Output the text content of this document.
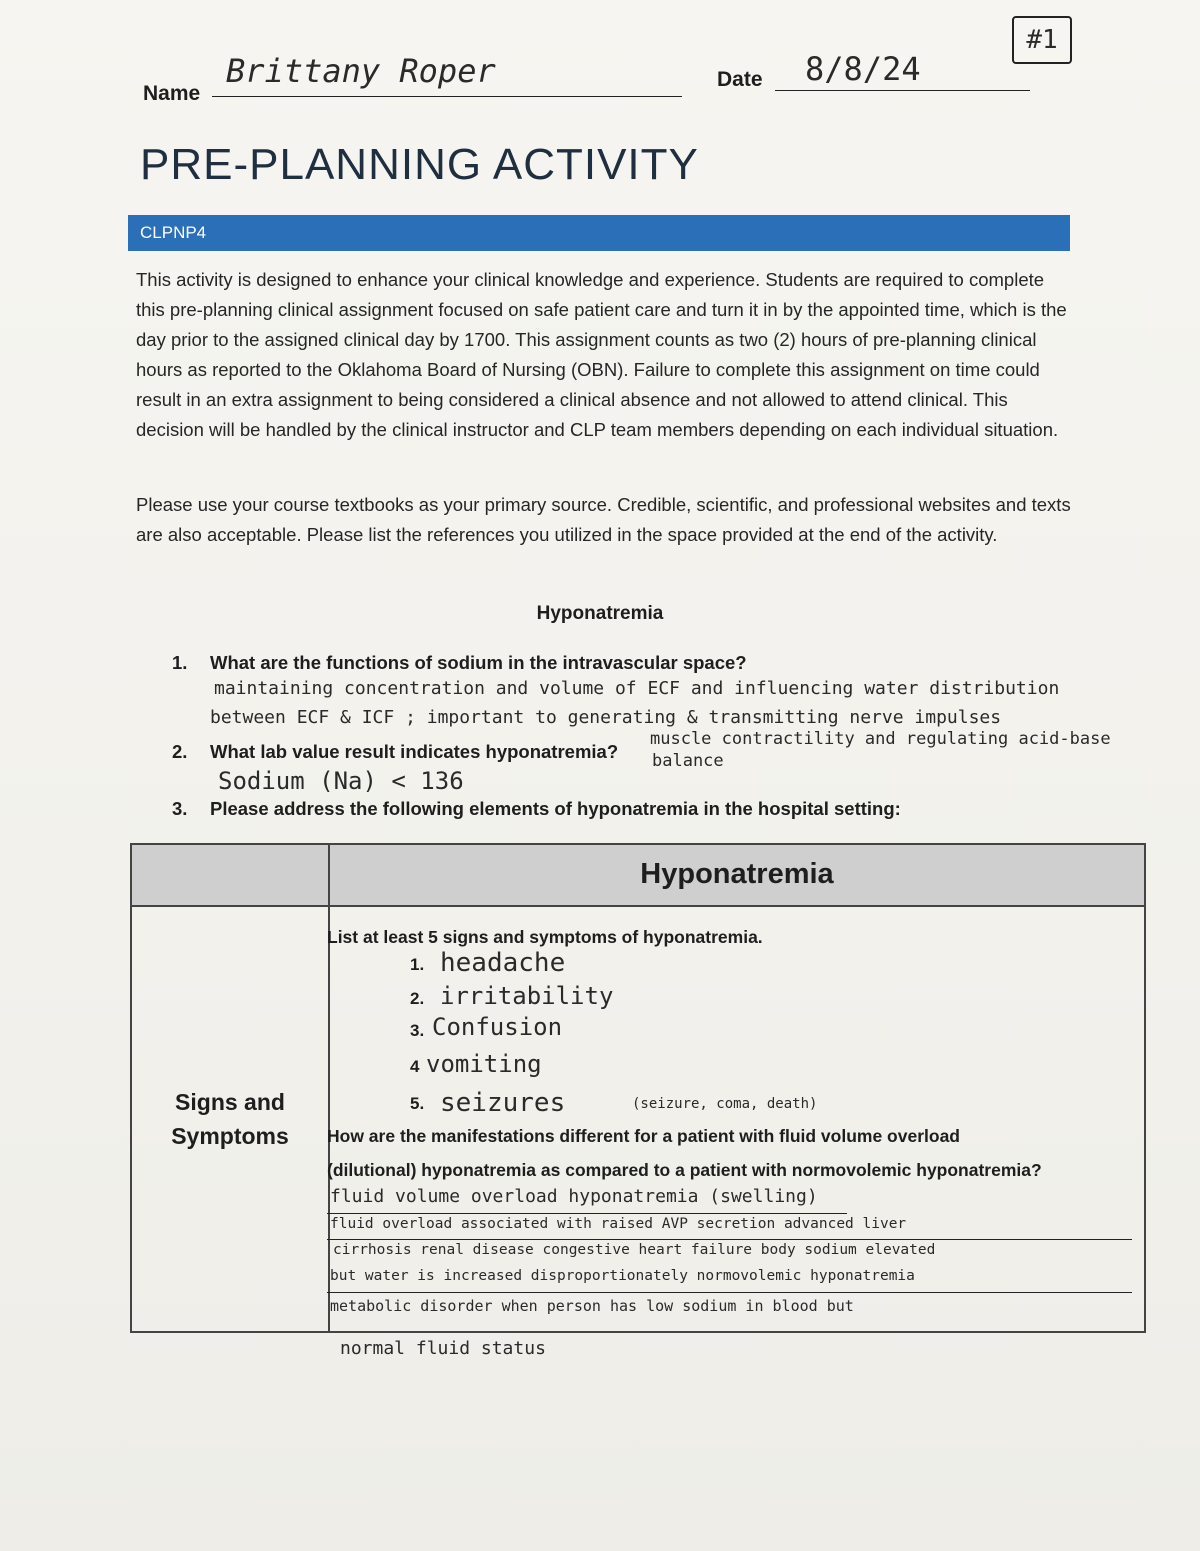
#1
Name
Brittany Roper	Date 8/8/24
PRE-PLANNING ACTIVITY
CLPNP4
This activity is designed to enhance your clinical knowledge and experience. Students are required to complete this pre-planning clinical assignment focused on safe patient care and turn it in by the appointed time, which is the day prior to the assigned clinical day by 1700. This assignment counts as two (2) hours of pre-planning clinical hours as reported to the Oklahoma Board of Nursing (OBN). Failure to complete this assignment on time could result in an extra assignment to being considered a clinical absence and not allowed to attend clinical. This decision will be handled by the clinical instructor and CLP team members depending on each individual situation.
Please use your course textbooks as your primary source. Credible, scientific, and professional websites and texts are also acceptable. Please list the references you utilized in the space provided at the end of the activity.
Hyponatremia
1. What are the functions of sodium in the intravascular space?
maintaining concentration and volume of ECF and influencing water distribution
between ECF & ICF ; important to generating & transmitting nerve impulses
muscle contractility and regulating acid-base
balance
2. What lab value result indicates hyponatremia?
Sodium (Na) < 136
3. Please address the following elements of hyponatremia in the hospital setting:

	Hyponatremia

Signs and Symptoms	
List at least 5 signs and symptoms of hyponatremia.
1. headache
2. irritability
3. Confusion
4 vomiting
5. seizures	(seizure, coma, death)
How are the manifestations different for a patient with fluid volume overload
(dilutional) hyponatremia as compared to a patient with normovolemic hyponatremia?
fluid volume overload hyponatremia (swelling)
fluid overload associated with raised AVP secretion advanced liver
cirrhosis renal disease congestive heart failure body sodium elevated
but water is increased disproportionately normovolemic hyponatremia
metabolic disorder when person has low sodium in blood but
normal fluid status
